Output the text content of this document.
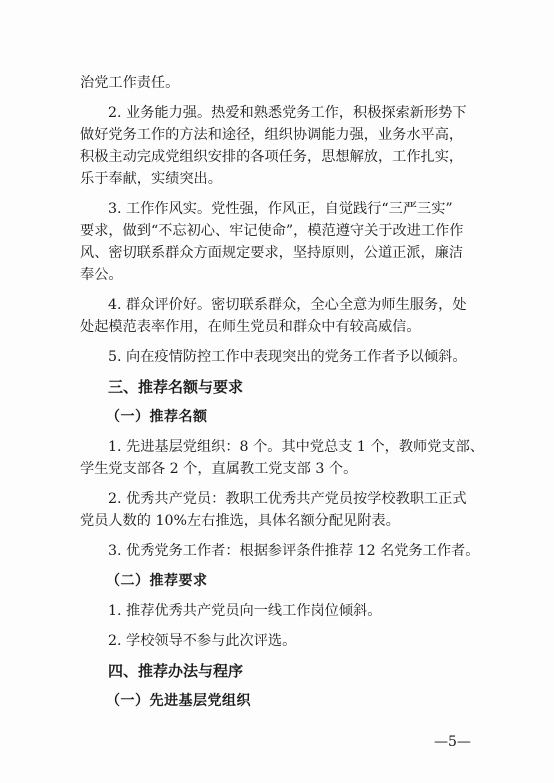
治党工作责任。
2. 业务能力强。热爱和熟悉党务工作，积极探索新形势下
做好党务工作的方法和途径，组织协调能力强，业务水平高，
积极主动完成党组织安排的各项任务，思想解放，工作扎实，
乐于奉献，实绩突出。
3. 工作作风实。党性强，作风正，自觉践行“三严三实”
要求，做到“不忘初心、牢记使命”，模范遵守关于改进工作作
风、密切联系群众方面规定要求，坚持原则，公道正派，廉洁
奉公。
4. 群众评价好。密切联系群众，全心全意为师生服务，处
处起模范表率作用，在师生党员和群众中有较高威信。
5. 向在疫情防控工作中表现突出的党务工作者予以倾斜。
三、推荐名额与要求
（一）推荐名额
1. 先进基层党组织：8 个。其中党总支 1 个，教师党支部、
学生党支部各 2 个，直属教工党支部 3 个。
2. 优秀共产党员：教职工优秀共产党员按学校教职工正式
党员人数的 10%左右推选，具体名额分配见附表。
3. 优秀党务工作者：根据参评条件推荐 12 名党务工作者。
（二）推荐要求
1. 推荐优秀共产党员向一线工作岗位倾斜。
2. 学校领导不参与此次评选。
四、推荐办法与程序
（一）先进基层党组织
—5—
